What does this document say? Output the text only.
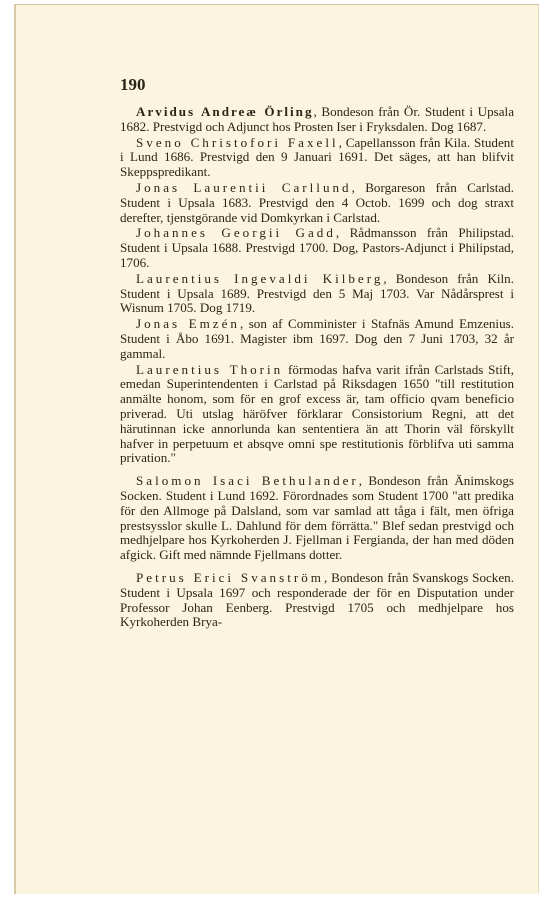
190

Arvidus Andreæ Örling, Bondeson från Ör. Student i Upsala 1682. Prestvigd och Adjunct hos Prosten Iser i Fryksdalen. Dog 1687.

Sveno Christofori Faxell, Capellansson från Kila. Student i Lund 1686. Prestvigd den 9 Januari 1691. Det säges, att han blifvit Skeppspredikant.

Jonas Laurentii Carllund, Borgareson från Carlstad. Student i Upsala 1683. Prestvigd den 4 Octob. 1699 och dog straxt derefter, tjenstgörande vid Domkyrkan i Carlstad.

Johannes Georgii Gadd, Rådmansson från Philipstad. Student i Upsala 1688. Prestvigd 1700. Dog, Pastors-Adjunct i Philipstad, 1706.

Laurentius Ingevaldi Kilberg, Bondeson från Kiln. Student i Upsala 1689. Prestvigd den 5 Maj 1703. Var Nådårsprest i Wisnum 1705. Dog 1719.

Jonas Emzén, son af Comminister i Stafnäs Amund Emzenius. Student i Åbo 1691. Magister ibm 1697. Dog den 7 Juni 1703, 32 år gammal.

Laurentius Thorin förmodas hafva varit ifrån Carlstads Stift, emedan Superintendenten i Carlstad på Riksdagen 1650 "till restitution anmälte honom, som för en grof excess är, tam officio qvam beneficio priverad. Uti utslag häröfver förklarar Consistorium Regni, att det härutinnan icke annorlunda kan sententiera än att Thorin väl förskyllt hafver in perpetuum et absqve omni spe restitutionis förblifva uti samma privation."

Salomon Isaci Bethulander, Bondeson från Änimskogs Socken. Student i Lund 1692. Förordnades som Student 1700 "att predika för den Allmoge på Dalsland, som var samlad att tåga i fält, men öfriga prestsysslor skulle L. Dahlund för dem förrätta." Blef sedan prestvigd och medhjelpare hos Kyrkoherden J. Fjellman i Fergianda, der han med döden afgick. Gift med nämnde Fjellmans dotter.

Petrus Erici Svanström, Bondeson från Svanskogs Socken. Student i Upsala 1697 och responderade der för en Disputation under Professor Johan Eenberg. Prestvigd 1705 och medhjelpare hos Kyrkoherden Brya-
